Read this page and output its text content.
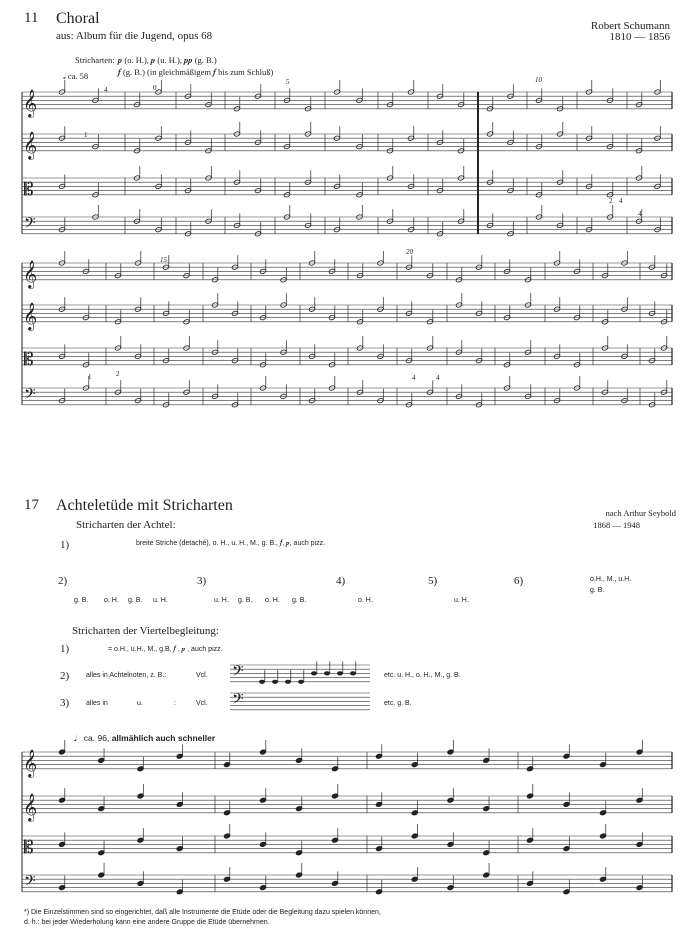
11 Choral
aus: Album für die Jugend, opus 68
Robert Schumann
1810 — 1856
Stricharten: 𝆏 (o. H.), 𝆏 (u. H.), 𝆏𝆏 (g. B.)
𝆑 (g. B.) (in gleichmäßigem 𝆑 bis zum Schluß)
𝅗𝅥 ca. 58
5	10
15
20
4	0
1
4
4
2
1	2	4	4
𝄞
𝄞
𝄡
𝄢
𝄞
𝄞
𝄡
𝄢
𝄢
𝄢
𝄞
𝄞
𝄡
𝄢
17 Achteletüde mit Stricharten	nach Arthur Seybold
1868 — 1948
Stricharten der Achtel:
1)	breite Striche (detaché), o. H., u. H., M., g. B., 𝆑, 𝆏, auch pizz.
2)
g. B. o. H. g. B. u. H.
3)
u. H. g. B. o. H. g. B.
4)
o. H.
5)
u. H.
6)	o.H., M., u.H.
g. B.
Stricharten der Viertelbegleitung:
1)	= o.H., u.H., M., g.B, 𝆑 , 𝆏 , auch pizz.
2) alles in Achtelnoten, z. B.:	Vcl.	etc. u. H., o. H., M., g. B.
3) alles in	u.	:	Vcl.	etc. g. B.
𝅘𝅥   ca. 96, allmählich auch schneller
*) Die Einzelstimmen sind so eingerichtet, daß alle Instrumente die Etüde oder die Begleitung dazu spielen können,
d. h.: bei jeder Wiederholung kann eine andere Gruppe die Etüde übernehmen.
